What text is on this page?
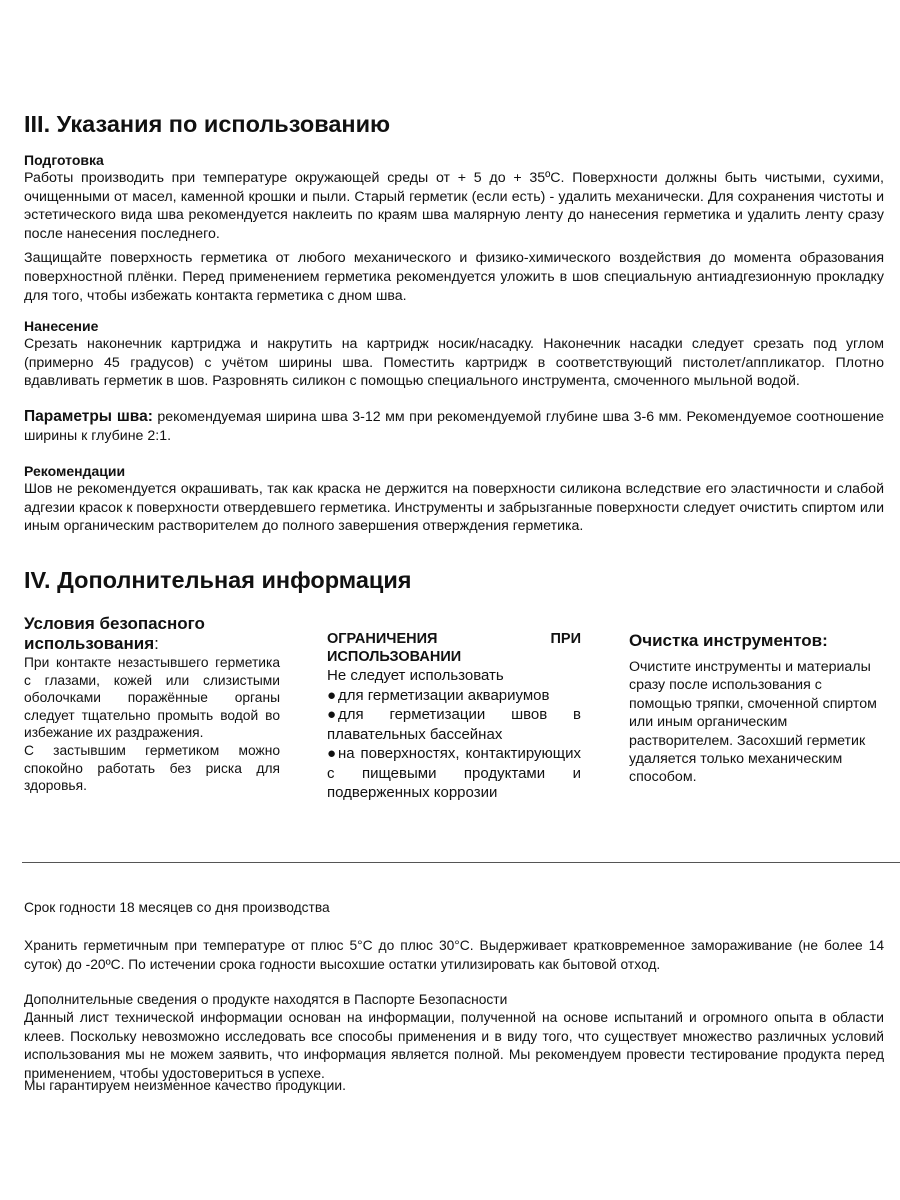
III. Указания по использованию

Подготовка

Работы производить при температуре окружающей среды от + 5 до + 35ºС. Поверхности должны быть чистыми, сухими, очищенными от масел, каменной крошки и пыли. Старый герметик (если есть) - удалить механически. Для сохранения чистоты и эстетического вида шва рекомендуется наклеить по краям шва малярную ленту до нанесения герметика и удалить ленту сразу после нанесения последнего.

Защищайте поверхность герметика от любого механического и физико-химического воздействия до момента образования поверхностной плёнки. Перед применением герметика рекомендуется уложить в шов специальную антиадгезионную прокладку для того, чтобы избежать контакта герметика с дном шва.

Нанесение

Срезать наконечник картриджа и накрутить на картридж носик/насадку. Наконечник насадки следует срезать под углом (примерно 45 градусов) с учётом ширины шва. Поместить картридж в соответствующий пистолет/аппликатор. Плотно вдавливать герметик в шов. Разровнять силикон с помощью специального инструмента, смоченного мыльной водой.

Параметры шва: рекомендуемая ширина шва 3-12 мм при рекомендуемой глубине шва 3-6 мм. Рекомендуемое соотношение ширины к глубине 2:1.

Рекомендации

Шов не рекомендуется окрашивать, так как краска не держится на поверхности силикона вследствие его эластичности и слабой адгезии красок к поверхности отвердевшего герметика. Инструменты и забрызганные поверхности следует очистить спиртом или иным органическим растворителем до полного завершения отверждения герметика.

IV. Дополнительная информация

Условия безопасного использования:

При контакте незастывшего герметика с глазами, кожей или слизистыми оболочками поражённые органы следует тщательно промыть водой во избежание их раздражения.

С застывшим герметиком можно спокойно работать без риска для здоровья.

ОГРАНИЧЕНИЯ	ПРИ

ИСПОЛЬЗОВАНИИ

Не следует использовать

● для герметизации аквариумов
● для герметизации швов в плавательных бассейнах
● на поверхностях, контактирующих с пищевыми продуктами и подверженных коррозии

Очистка инструментов:

Очистите инструменты и материалы сразу после использования с помощью тряпки, смоченной спиртом или иным органическим растворителем. Засохший герметик удаляется только механическим способом.

Срок годности 18 месяцев со дня производства

Хранить герметичным при температуре от плюс 5°C до плюс 30°C. Выдерживает кратковременное замораживание (не более 14 суток) до -20ºС. По истечении срока годности высохшие остатки утилизировать как бытовой отход.

Дополнительные сведения о продукте находятся в Паспорте Безопасности

Данный лист технической информации основан на информации, полученной на основе испытаний и огромного опыта в области клеев. Поскольку невозможно исследовать все способы применения и в виду того, что существует множество различных условий использования мы не можем заявить, что информация является полной. Мы рекомендуем провести тестирование продукта перед применением, чтобы удостовериться в успехе.

Мы гарантируем неизменное качество продукции.
